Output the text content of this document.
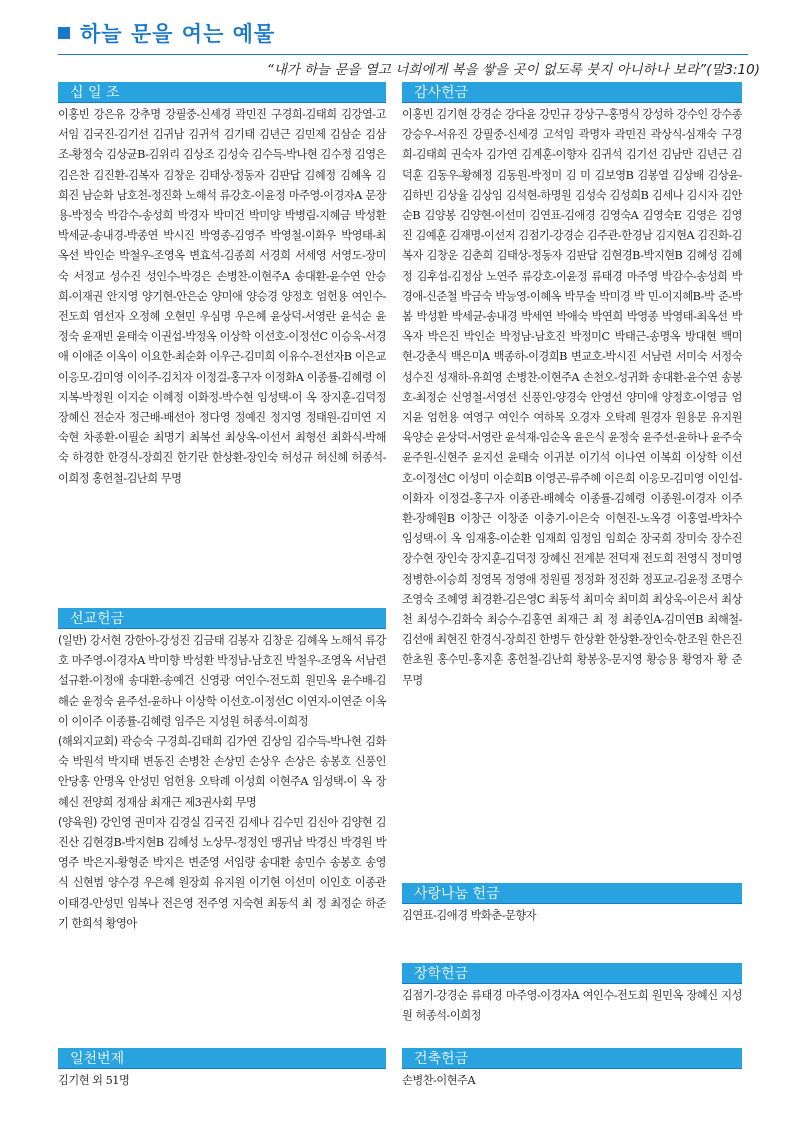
하늘 문을 여는 예물
“내가 하늘 문을 열고 너희에게 복을 쌓을 곳이 없도록 붓지 아니하나 보라”(말3:10)
십 일 조
이홍빈 강은유 강추명 강필중-신세경 곽민진 구경희-김태희 김강열-고서임 김국진-김기선 김귀남 김귀석 김기태 김년근 김민제 김삼순 김삼조-황정숙 김상균B-김위리 김상조 김성숙 김수득-박나현 김수정 김영은 김은찬 김진환-김복자 김창운 김태상-정동자 김판답 김혜정 김혜옥 김희진 남순화 남호천-정진화 노해석 류강호-이윤정 마주영-이경자A 문장용-박정숙 박감수-송성희 박경자 박미건 박미양 박병림-지혜금 박성환 박세균-송내경-박종연 박시진 박영종-김영주 박영철-이화우 박영태-최옥선 박인순 박철우-조영옥 변효석-김종희 서경희 서세영 서영도-장미숙 서정교 성수진 성인수-박경은 손병찬-이현주A 송대환-윤수연 안승희-이재권 안지영 양기현-안은순 양미애 양승경 양정호 엄헌용 여인수-전도희 염선자 오정혜 오현민 우심명 우은혜 윤상덕-서영란 윤석순 윤정숙 윤재빈 윤태숙 이권섭-박정옥 이상학 이선호-이정선C 이승욱-서경애 이애준 이옥이 이요한-최순화 이우근-김미희 이유수-전선자B 이은교 이응모-김미영 이이주-김치자 이정걸-홍구자 이정화A 이종률-김혜령 이지복-박정원 이지순 이혜정 이화정-박수현 임성택-이 옥 장지훈-김덕정 장혜신 전순자 정근배-배선아 정다영 정예진 정지영 정태원-김미연 지숙현 차종환-이필순 최명기 최복선 최상옥-이선서 최형선 최화식-박해숙 하경한 한경식-장희진 한기란 한상환-장인숙 허성규 허신혜 허종석-이희정 홍헌철-김난희 무명
선교헌금
(일반) 강서현 강한아-강성진 김금태 김봉자 김창운 김혜옥 노해석 류강호 마주영-이경자A 박미향 박성환 박정남-남호진 박철우-조영옥 서남련 설규환-이정애 송대환-송예건 신영광 여인수-전도희 원민옥 윤수배-김해순 윤정숙 윤주선-윤하나 이상학 이선호-이정선C 이연지-이연준 이옥이 이이주 이종률-김혜령 임주은 지성원 허종석-이희정
(해외지교회) 곽승숙 구경희-김태희 김가연 김상임 김수득-박나현 김화숙 박원석 박지태 변동진 손병찬 손상민 손상우 손상은 송봉호 신풍인 안당홍 안명옥 안성민 엄헌용 오탁례 이성희 이현주A 임성택-이 옥 장혜신 전양희 정재삼 최재근 제3권사회 무명
(양육원) 강인영 권미자 김경실 김국진 김세나 김수민 김신아 김양현 김진산 김현경B-박지현B 김혜성 노상무-정정인 맹귀남 박경신 박경원 박영주 박은지-황형준 박지은 변준영 서임량 송대환 송민수 송봉호 송영식 신현범 양수경 우은혜 원장희 유지원 이기현 이선미 이인호 이종관 이태경-안성민 임복나 전은영 전주영 지숙현 최동석 최 정 최정순 하준기 한희석 황영아
일천번제
김기현 외 51명
감사헌금
이홍빈 김기현 강경순 강다윤 강민규 강상구-홍명식 강성하 강수인 강수종 강승우-서유진 강필중-신세경 고석임 곽명자 곽민진 곽상식-심재숙 구경희-김태희 권숙자 김가연 김계훈-이향자 김귀석 김기선 김남만 김년근 김덕훈 김동우-황혜정 김동원-박정미 김 미 김보영B 김봉열 김상배 김상윤-김하빈 김상율 김상임 김석현-하명원 김성숙 김성희B 김세나 김시자 김안순B 김양봉 김양현-이선미 김연표-김애경 김영숙A 김영숙E 김영은 김영진 김예훈 김재명-이선저 김점기-강경순 김주관-한경남 김지현A 김진화-김복자 김창운 김춘희 김태상-정동자 김판답 김현경B-박지현B 김혜성 김혜정 김후섭-김정삼 노연주 류강호-이윤정 류태경 마주영 박감수-송성희 박경애-신준철 박금숙 박능영-이혜옥 박무술 박미경 박 민-이지혜B-박 준-박 봄 박성환 박세균-송내경 박세연 박애숙 박연희 박영종 박영태-최옥선 박옥자 박은진 박인순 박정남-남호진 박정미C 박태근-송명옥 방대현 백미현-강춘식 백은미A 백종하-이경희B 변교호-박시진 서남련 서미숙 서정숙 성수진 성재하-유희영 손병찬-이현주A 손천오-성귀화 송대환-윤수연 송봉호-최정순 신영철-서영선 신풍인-양경숙 안영선 양미애 양정호-이영금 엄지윤 엄헌용 여영구 여인수 여하목 오경자 오탁례 원경자 원용문 유지원 육양순 윤상덕-서영란 윤석재-임순옥 윤은식 윤정숙 윤주선-윤하나 윤주숙 윤주원-신현주 윤지선 윤태숙 이귀분 이기석 이나연 이복희 이상학 이선호-이정선C 이성미 이순희B 이영곤-류주혜 이은희 이응모-김미영 이인섭-이화자 이정걸-홍구자 이종관-배혜숙 이종률-김혜령 이종원-이경자 이주환-장혜원B 이창근 이창준 이충기-이은숙 이현진-노옥경 이홍열-박차수 임성택-이 옥 임재홍-이순환 임재희 임정임 임희순 장국희 장미숙 장수진 장수현 장인숙 장지훈-김덕정 장혜신 전계분 전덕재 전도희 전영식 정미영 정병한-이승희 정영목 정영애 정원필 정정화 정진화 정포교-김윤정 조명수 조영숙 조혜영 최경환-김은영C 최동석 최미숙 최미희 최상욱-이은서 최상천 최성수-김화숙 최승수-김홍연 최재근 최 정 최종인A-김미연B 최해철-김선애 최현진 한경식-장희진 한병두 한상환 한상환-장인숙-한조원 한은진 한초원 홍수민-홍지훈 홍헌철-김난희 황봉웅-문지영 황승용 황영자 황 준 무명
사랑나눔 헌금
김연표-김애경 박화춘-문향자
장학헌금
김점기-강경순 류태경 마주영-이경자A 여인수-전도희 원민옥 장혜신 지성원 허종석-이희정
건축헌금
손병찬-이현주A
